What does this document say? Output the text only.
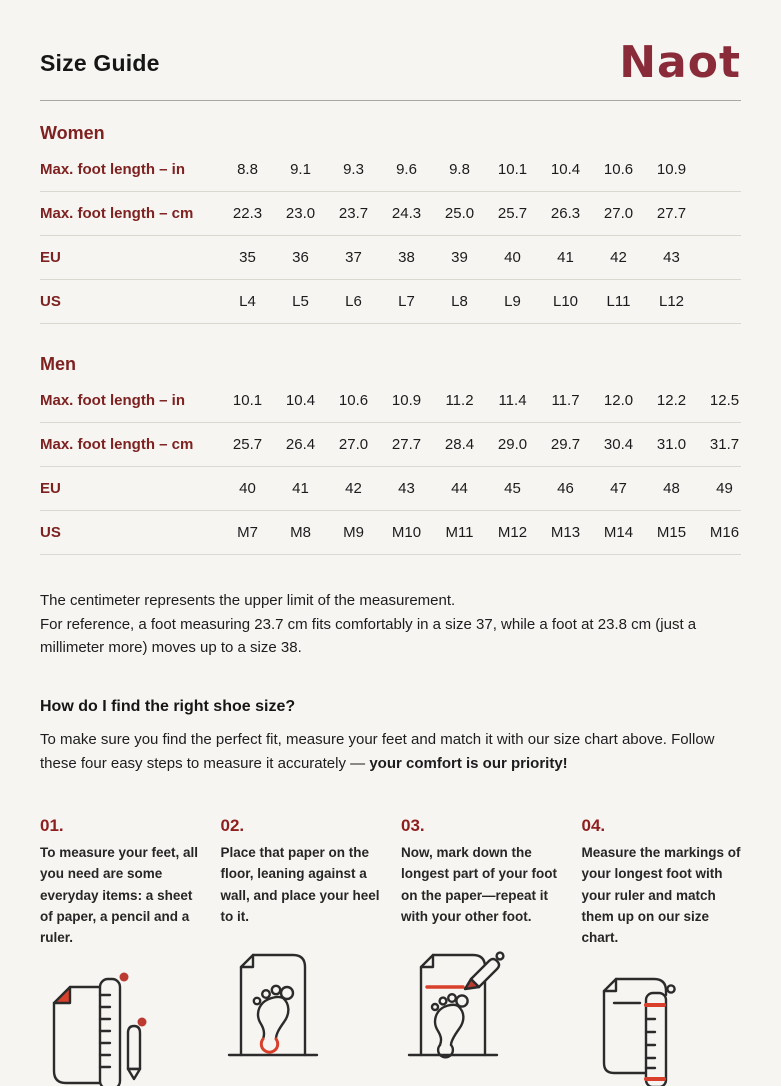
Size Guide	Naot
Women
Max. foot length – in	8.8	9.1	9.3	9.6	9.8	10.1	10.4	10.6	10.9
Max. foot length – cm	22.3	23.0	23.7	24.3	25.0	25.7	26.3	27.0	27.7
EU	35	36	37	38	39	40	41	42	43
US	L4	L5	L6	L7	L8	L9	L10	L11	L12
Men
Max. foot length – in	10.1	10.4	10.6	10.9	11.2	11.4	11.7	12.0	12.2	12.5
Max. foot length – cm	25.7	26.4	27.0	27.7	28.4	29.0	29.7	30.4	31.0	31.7
EU	40	41	42	43	44	45	46	47	48	49
US	M7	M8	M9	M10	M11	M12	M13	M14	M15	M16

The centimeter represents the upper limit of the measurement.

For reference, a foot measuring 23.7 cm fits comfortably in a size 37, while a foot at 23.8 cm (just a millimeter more) moves up to a size 38.

How do I find the right shoe size?

To make sure you find the perfect fit, measure your feet and match it with our size chart above. Follow these four easy steps to measure it accurately — your comfort is our priority!

01.

To measure your feet, all you need are some everyday items: a sheet of paper, a pencil and a ruler.

02.

Place that paper on the floor, leaning against a wall, and place your heel to it.

03.

Now, mark down the longest part of your foot on the paper—repeat it with your other foot.

04.

Measure the markings of your longest foot with your ruler and match them up on our size chart.
